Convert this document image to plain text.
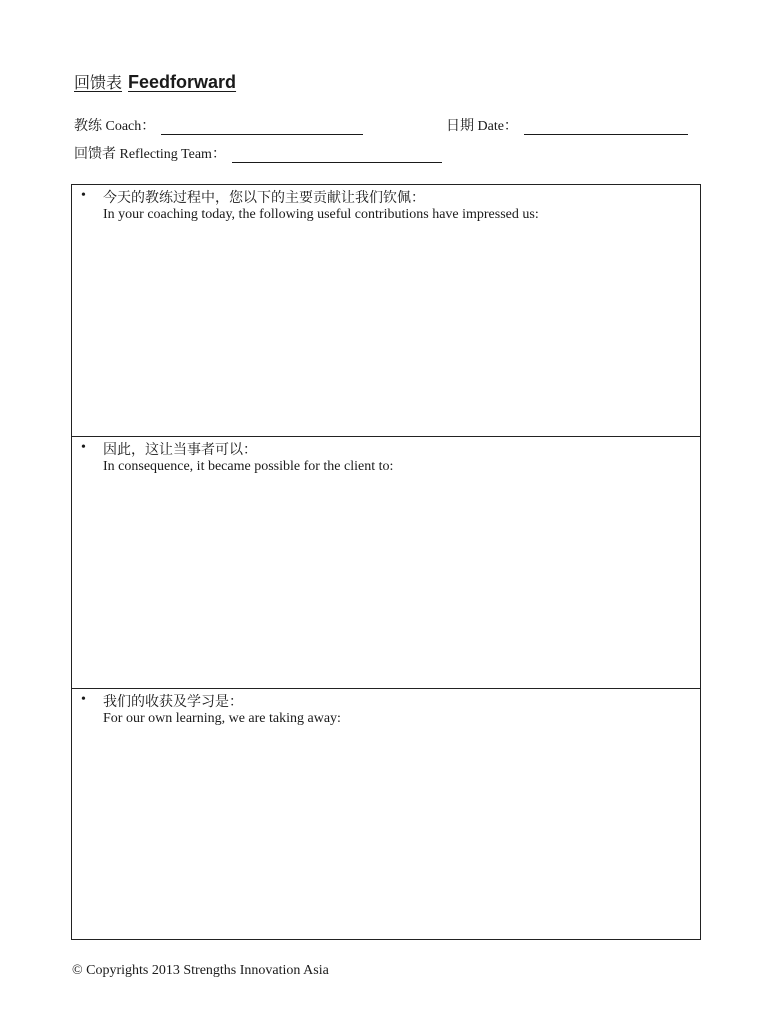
回馈表 Feedforward
教练 Coach：	日期 Date：
回馈者 Reflecting Team：
• 今天的教练过程中，您以下的主要贡献让我们钦佩：
In your coaching today, the following useful contributions have impressed us:
• 因此，这让当事者可以：
In consequence, it became possible for the client to:
• 我们的收获及学习是：
For our own learning, we are taking away:
© Copyrights 2013 Strengths Innovation Asia
